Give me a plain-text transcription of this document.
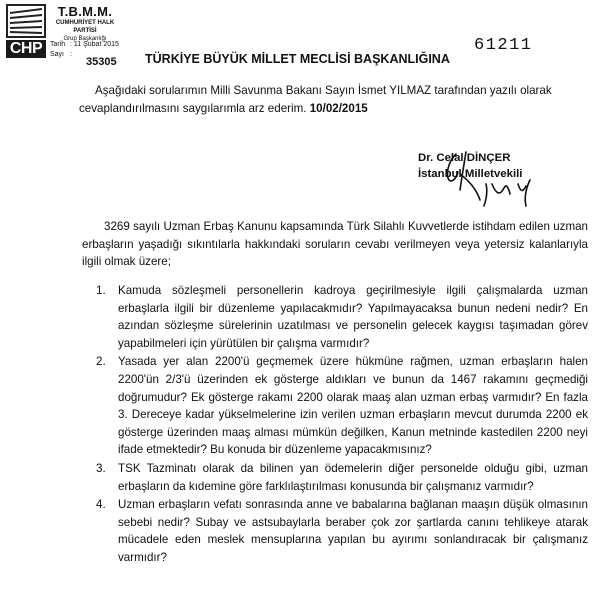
CHP
T.B.M.M.
CUMHURİYET HALK PARTİSİ
Grup Başkanlığı
Tarih : 11 Şubat 2015
Sayı :
35305
61211
TÜRKİYE BÜYÜK MİLLET MECLİSİ BAŞKANLIĞINA
Aşağıdaki sorularımın Milli Savunma Bakanı Sayın İsmet YILMAZ tarafından yazılı olarak cevaplandırılmasını saygılarımla arz ederim. 10/02/2015
Dr. Celal DİNÇER
İstanbul Milletvekili
3269 sayılı Uzman Erbaş Kanunu kapsamında Türk Silahlı Kuvvetlerde istihdam edilen uzman erbaşların yaşadığı sıkıntılarla hakkındaki soruların cevabı verilmeyen veya yetersiz kalanlarıyla ilgili olmak üzere;
1. Kamuda sözleşmeli personellerin kadroya geçirilmesiyle ilgili çalışmalarda uzman erbaşlarla ilgili bir düzenleme yapılacakmıdır? Yapılmayacaksa bunun nedeni nedir? En azından sözleşme sürelerinin uzatılması ve personelin gelecek kaygısı taşımadan görev yapabilmeleri için yürütülen bir çalışma varmıdır?
2. Yasada yer alan 2200'ü geçmemek üzere hükmüne rağmen, uzman erbaşların halen 2200'ün 2/3'ü üzerinden ek gösterge aldıkları ve bunun da 1467 rakamını geçmediği doğrumudur? Ek gösterge rakamı 2200 olarak maaş alan uzman erbaş varmıdır? En fazla 3. Dereceye kadar yükselmelerine izin verilen uzman erbaşların mevcut durumda 2200 ek gösterge üzerinden maaş alması mümkün değilken, Kanun metninde kastedilen 2200 neyi ifade etmektedir? Bu konuda bir düzenleme yapacakmısınız?
3. TSK Tazminatı olarak da bilinen yan ödemelerin diğer personelde olduğu gibi, uzman erbaşların da kıdemine göre farklılaştırılması konusunda bir çalışmanız varmıdır?
4. Uzman erbaşların vefatı sonrasında anne ve babalarına bağlanan maaşın düşük olmasının sebebi nedir? Subay ve astsubaylarla beraber çok zor şartlarda canını tehlikeye atarak mücadele eden meslek mensuplarına yapılan bu ayırımı sonlandıracak bir çalışmanız varmıdır?
